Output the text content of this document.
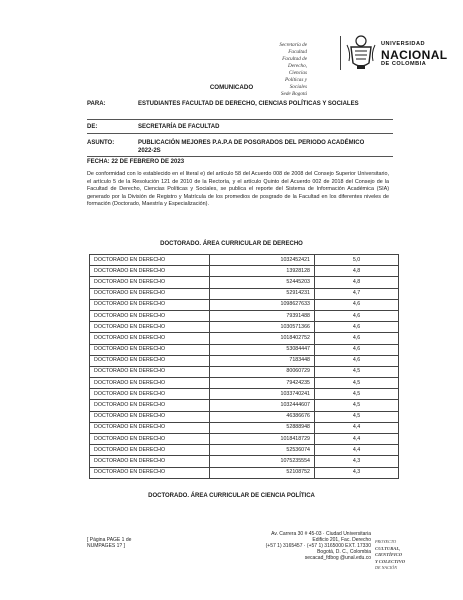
Secretaría de Facultad
Facultad de Derecho, Ciencias Políticas y Sociales
Sede Bogotá
UNIVERSIDAD
NACIONAL
DE COLOMBIA
COMUNICADO
PARA:	ESTUDIANTES FACULTAD DE DERECHO, CIENCIAS POLÍTICAS Y SOCIALES
DE:	SECRETARÍA DE FACULTAD
ASUNTO:	PUBLICACIÓN MEJORES P.A.P.A DE POSGRADOS DEL PERIODO ACADÉMICO 2022-2S
FECHA: 22 DE FEBRERO DE 2023
De conformidad con lo establecido en el literal e) del artículo 58 del Acuerdo 008 de 2008 del Consejo Superior Universitario, el artículo 5 de la Resolución 121 de 2010 de la Rectoría, y el artículo Quinto del Acuerdo 002 de 2018 del Consejo de la Facultad de Derecho, Ciencias Políticas y Sociales, se publica el reporte del Sistema de Información Académica (SIA) generado por la División de Registro y Matrícula de los promedios de posgrado de la Facultad en los diferentes niveles de formación (Doctorado, Maestría y Especialización).
DOCTORADO. ÁREA CURRICULAR DE DERECHO
DOCTORADO EN DERECHO	1032452421	5,0
DOCTORADO EN DERECHO	13928128	4,8
DOCTORADO EN DERECHO	52445203	4,8
DOCTORADO EN DERECHO	52914231	4,7
DOCTORADO EN DERECHO	1098627633	4,6
DOCTORADO EN DERECHO	79391488	4,6
DOCTORADO EN DERECHO	1030571366	4,6
DOCTORADO EN DERECHO	1018402752	4,6
DOCTORADO EN DERECHO	53084447	4,6
DOCTORADO EN DERECHO	7183448	4,6
DOCTORADO EN DERECHO	80060729	4,5
DOCTORADO EN DERECHO	79424235	4,5
DOCTORADO EN DERECHO	1033740241	4,5
DOCTORADO EN DERECHO	1032444607	4,5
DOCTORADO EN DERECHO	46386676	4,5
DOCTORADO EN DERECHO	52888948	4,4
DOCTORADO EN DERECHO	1018418729	4,4
DOCTORADO EN DERECHO	52536074	4,4
DOCTORADO EN DERECHO	1075235554	4,3
DOCTORADO EN DERECHO	52108752	4,3
DOCTORADO. ÁREA CURRICULAR DE CIENCIA POLÍTICA
[ Página PAGE 1 de
NUMPAGES 1? ]
Av. Carrera 30 # 45-03 · Ciudad Universitaria
Edificio 201, Fac. Derecho
(+57 1) 3165457 · (+57 1) 3165000 EXT. 17330
Bogotá, D. C., Colombia
secacad_fdbog @unal.edu.co
PROYECTO
CULTURAL,
CIENTÍFICO
Y COLECTIVO
DE NACIÓN
